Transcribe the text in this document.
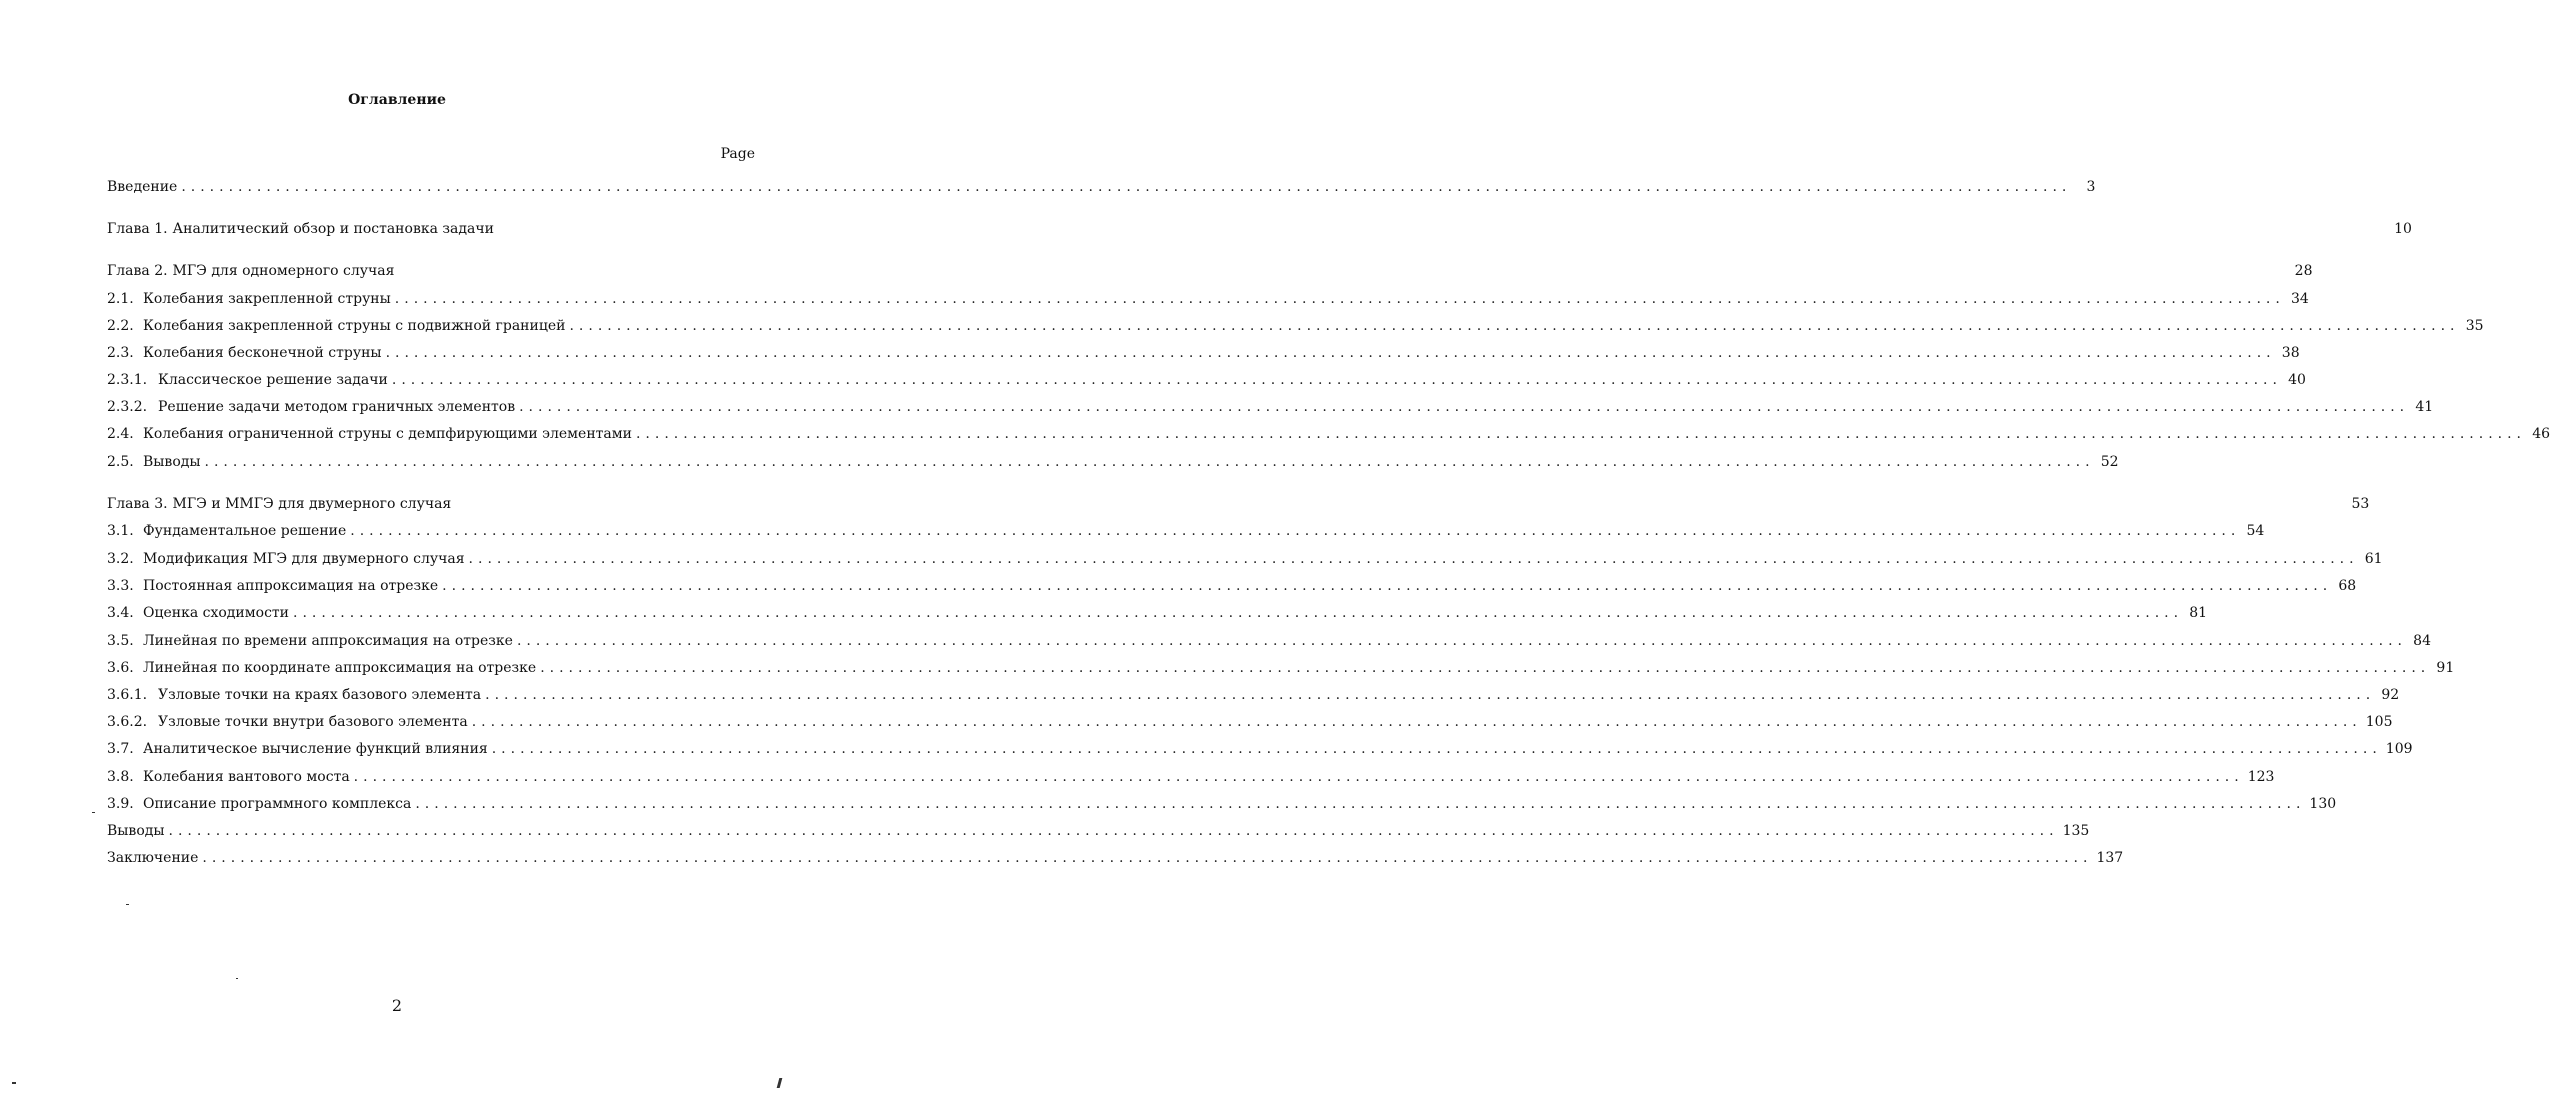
Оглавление
Page
Введение ........................................................................................................................................................................................................	3
Глава 1. Аналитический обзор и постановка задачи	10
Глава 2. МГЭ для одномерного случая	28
2.1. Колебания закрепленной струны ........................................................................................................................................................................................................ 34
2.2. Колебания закрепленной струны с подвижной границей ........................................................................................................................................................................................................ 35
2.3. Колебания бесконечной струны ........................................................................................................................................................................................................ 38
2.3.1. Классическое решение задачи ........................................................................................................................................................................................................ 40
2.3.2. Решение задачи методом граничных элементов ........................................................................................................................................................................................................ 41
2.4. Колебания ограниченной струны с демпфирующими элементами ........................................................................................................................................................................................................ 46
2.5. Выводы ........................................................................................................................................................................................................ 52
Глава 3. МГЭ и ММГЭ для двумерного случая	53
3.1. Фундаментальное решение ........................................................................................................................................................................................................ 54
3.2. Модификация МГЭ для двумерного случая ........................................................................................................................................................................................................ 61
3.3. Постоянная аппроксимация на отрезке ........................................................................................................................................................................................................ 68
3.4. Оценка сходимости ........................................................................................................................................................................................................ 81
3.5. Линейная по времени аппроксимация на отрезке ........................................................................................................................................................................................................ 84
3.6. Линейная по координате аппроксимация на отрезке ........................................................................................................................................................................................................ 91
3.6.1. Узловые точки на краях базового элемента ........................................................................................................................................................................................................ 92
3.6.2. Узловые точки внутри базового элемента ........................................................................................................................................................................................................ 105
3.7. Аналитическое вычисление функций влияния ........................................................................................................................................................................................................ 109
3.8. Колебания вантового моста ........................................................................................................................................................................................................ 123
3.9. Описание программного комплекса ........................................................................................................................................................................................................ 130
Выводы ........................................................................................................................................................................................................ 135
Заключение ........................................................................................................................................................................................................ 137
2
